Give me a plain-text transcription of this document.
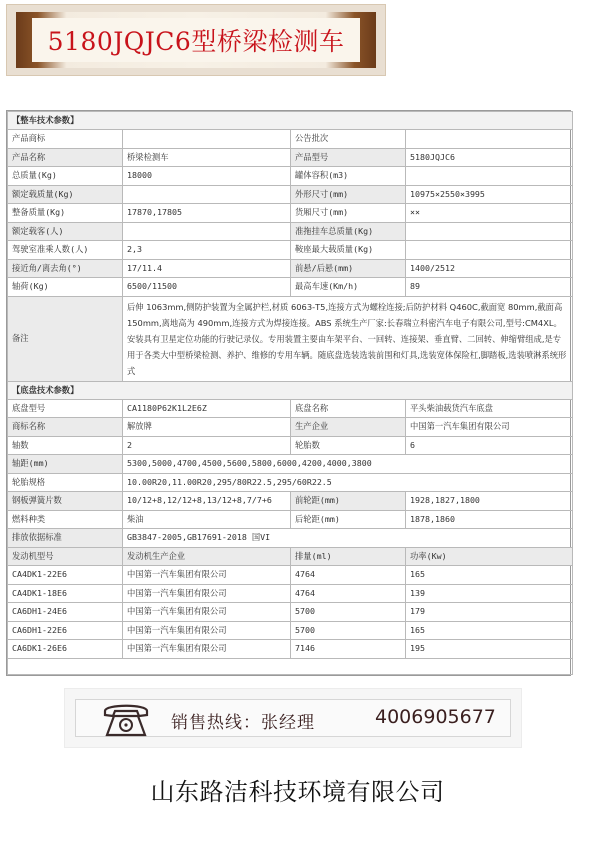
5180JQJC6型桥梁检测车
【整车技术参数】			
产品商标		公告批次	
产品名称	桥梁检测车	产品型号	5180JQJC6
总质量(Kg)	18000	罐体容积(m3)	
额定载质量(Kg)		外形尺寸(mm)	10975×2550×3995
整备质量(Kg)	17870,17805	货厢尺寸(mm)	××
额定载客(人)		准拖挂车总质量(Kg)	
驾驶室准乘人数(人)	2,3	鞍座最大载质量(Kg)	
接近角/离去角(°)	17/11.4	前悬/后悬(mm)	1400/2512
轴荷(Kg)	6500/11500	最高车速(Km/h)	89
备注	后伸 1063mm,侧防护装置为全属护栏,材质 6063-T5,连接方式为螺栓连接;后防护材料 Q460C,截面宽 80mm,截面高 150mm,离地高为 490mm,连接方式为焊接连接。ABS 系统生产厂家:长春瑞立科密汽车电子有限公司,型号:CM4XL。安装具有卫星定位功能的行驶记录仪。专用装置主要由车架平台、一回转、连接架、垂直臂、二回转、伸缩臂组成,是专用于各类大中型桥梁检测、养护、维修的专用车辆。随底盘选装选装前围和灯具,选装宽体保险杠,脚踏板,选装喷淋系统形式		
【底盘技术参数】			
底盘型号	CA1180P62K1L2E6Z	底盘名称	平头柴油载货汽车底盘
商标名称	解放牌	生产企业	中国第一汽车集团有限公司
轴数	2	轮胎数	6
轴距(mm)	5300,5000,4700,4500,5600,5800,6000,4200,4000,3800		
轮胎规格	10.00R20,11.00R20,295/80R22.5,295/60R22.5		
钢板弹簧片数	10/12+8,12/12+8,13/12+8,7/7+6	前轮距(mm)	1928,1827,1800
燃料种类	柴油	后轮距(mm)	1878,1860
排放依据标准	GB3847-2005,GB17691-2018 国VI		
发动机型号	发动机生产企业	排量(ml)	功率(Kw)
CA4DK1-22E6	中国第一汽车集团有限公司	4764	165
CA4DK1-18E6	中国第一汽车集团有限公司	4764	139
CA6DH1-24E6	中国第一汽车集团有限公司	5700	179
CA6DH1-22E6	中国第一汽车集团有限公司	5700	165
CA6DK1-26E6	中国第一汽车集团有限公司	7146	195

销售热线：张经理	4006905677
山东路洁科技环境有限公司
